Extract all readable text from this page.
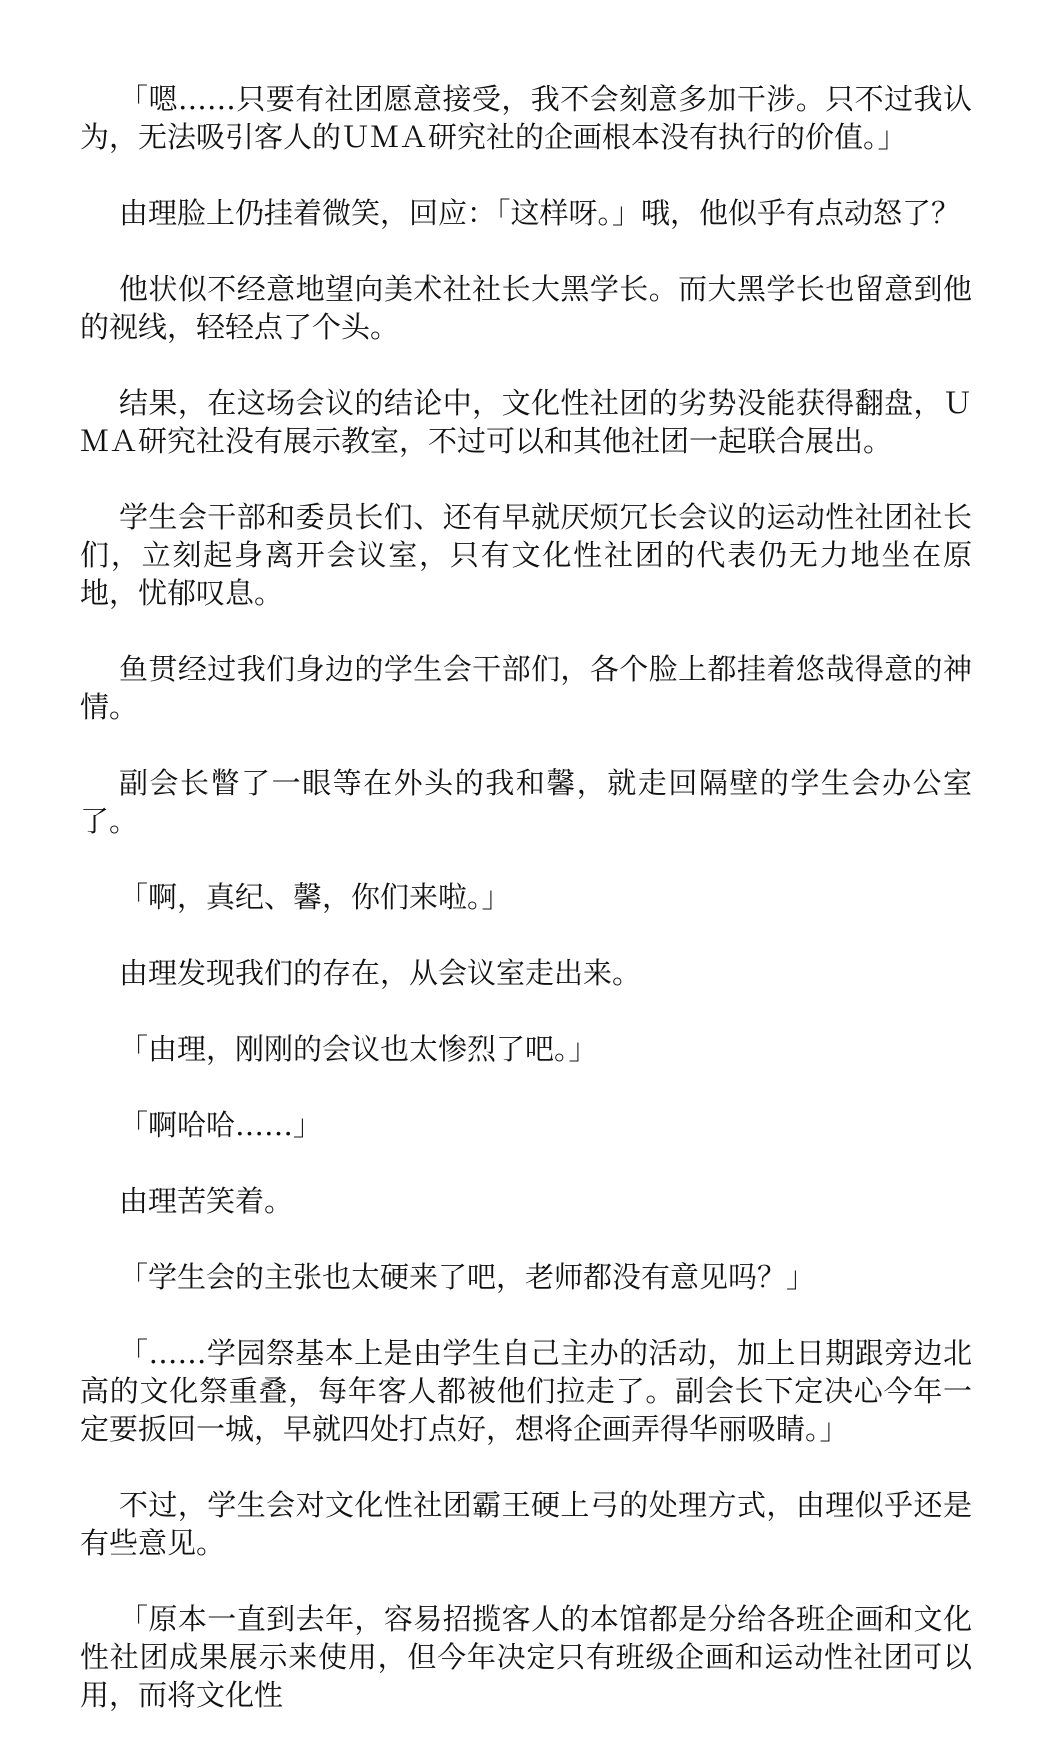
「嗯……只要有社团愿意接受，我不会刻意多加干涉。只不过我认为，无法吸引客人的ＵＭＡ研究社的企画根本没有执行的价值。」

由理脸上仍挂着微笑，回应：「这样呀。」哦，他似乎有点动怒了？

他状似不经意地望向美术社社长大黑学长。而大黑学长也留意到他的视线，轻轻点了个头。

结果，在这场会议的结论中，文化性社团的劣势没能获得翻盘，ＵＭＡ研究社没有展示教室，不过可以和其他社团一起联合展出。

学生会干部和委员长们、还有早就厌烦冗长会议的运动性社团社长们，立刻起身离开会议室，只有文化性社团的代表仍无力地坐在原地，忧郁叹息。

鱼贯经过我们身边的学生会干部们，各个脸上都挂着悠哉得意的神情。

副会长瞥了一眼等在外头的我和馨，就走回隔壁的学生会办公室了。

「啊，真纪、馨，你们来啦。」

由理发现我们的存在，从会议室走出来。

「由理，刚刚的会议也太惨烈了吧。」

「啊哈哈……」

由理苦笑着。

「学生会的主张也太硬来了吧，老师都没有意见吗？」

「……学园祭基本上是由学生自己主办的活动，加上日期跟旁边北高的文化祭重叠，每年客人都被他们拉走了。副会长下定决心今年一定要扳回一城，早就四处打点好，想将企画弄得华丽吸睛。」

不过，学生会对文化性社团霸王硬上弓的处理方式，由理似乎还是有些意见。

「原本一直到去年，容易招揽客人的本馆都是分给各班企画和文化性社团成果展示来使用，但今年决定只有班级企画和运动性社团可以用，而将文化性
